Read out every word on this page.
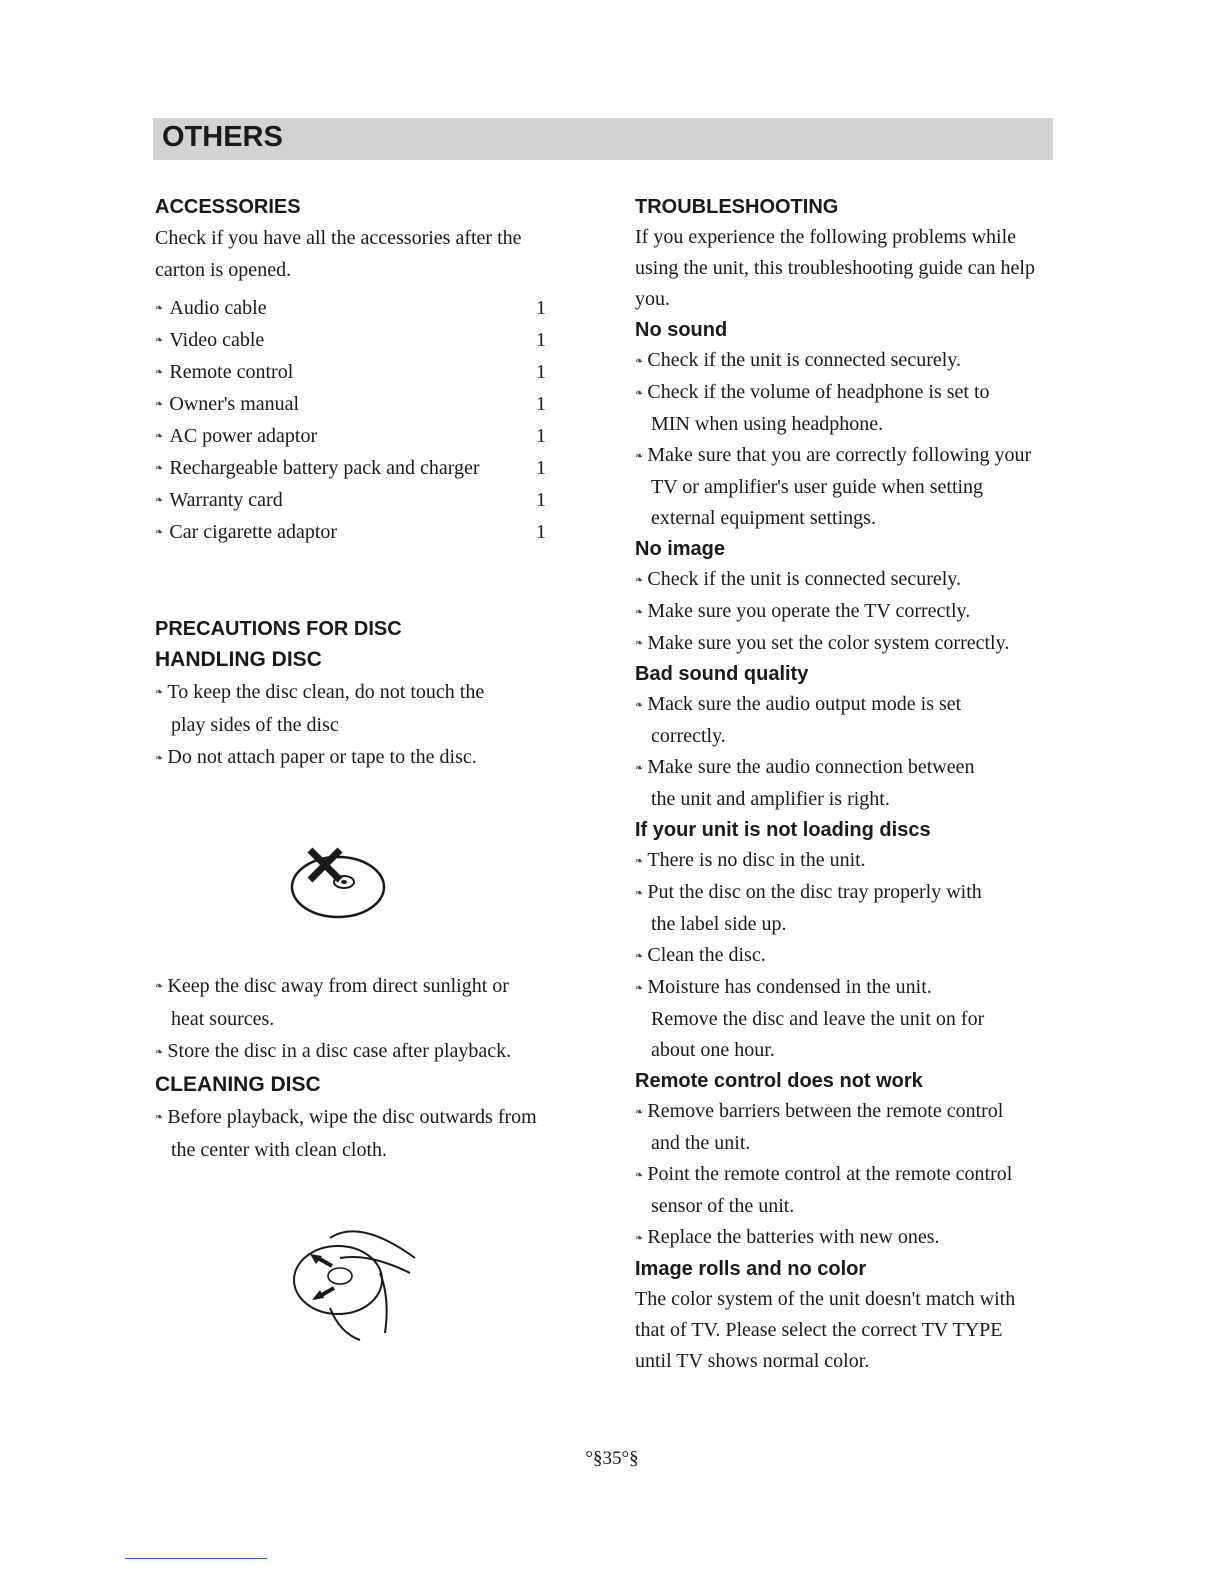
OTHERS
ACCESSORIES

Check if you have all the accessories after the

carton is opened.

❧ Audio cable	1
❧ Video cable	1
❧ Remote control	1
❧ Owner's manual	1
❧ AC power adaptor	1
❧ Rechargeable battery pack and charger	1
❧ Warranty card	1
❧ Car cigarette adaptor	1
PRECAUTIONS FOR DISC
HANDLING DISC

❧ To keep the disc clean, do not touch the

play sides of the disc

❧ Do not attach paper or tape to the disc.

❧ Keep the disc away from direct sunlight or

heat sources.

❧ Store the disc in a disc case after playback.

CLEANING DISC

❧ Before playback, wipe the disc outwards from

the center with clean cloth.

TROUBLESHOOTING

If you experience the following problems while

using the unit, this troubleshooting guide can help

you.

No sound

❧ Check if the unit is connected securely.

❧ Check if the volume of headphone is set to

MIN when using headphone.

❧ Make sure that you are correctly following your

TV or amplifier's user guide when setting

external equipment settings.

No image

❧ Check if the unit is connected securely.

❧ Make sure you operate the TV correctly.

❧ Make sure you set the color system correctly.

Bad sound quality

❧ Mack sure the audio output mode is set

correctly.

❧ Make sure the audio connection between

the unit and amplifier is right.

If your unit is not loading discs

❧ There is no disc in the unit.

❧ Put the disc on the disc tray properly with

the label side up.

❧ Clean the disc.

❧ Moisture has condensed in the unit.

Remove the disc and leave the unit on for

about one hour.

Remote control does not work

❧ Remove barriers between the remote control

and the unit.

❧ Point the remote control at the remote control

sensor of the unit.

❧ Replace the batteries with new ones.

Image rolls and no color

The color system of the unit doesn't match with

that of TV. Please select the correct TV TYPE

until TV shows normal color.

°§35°§
